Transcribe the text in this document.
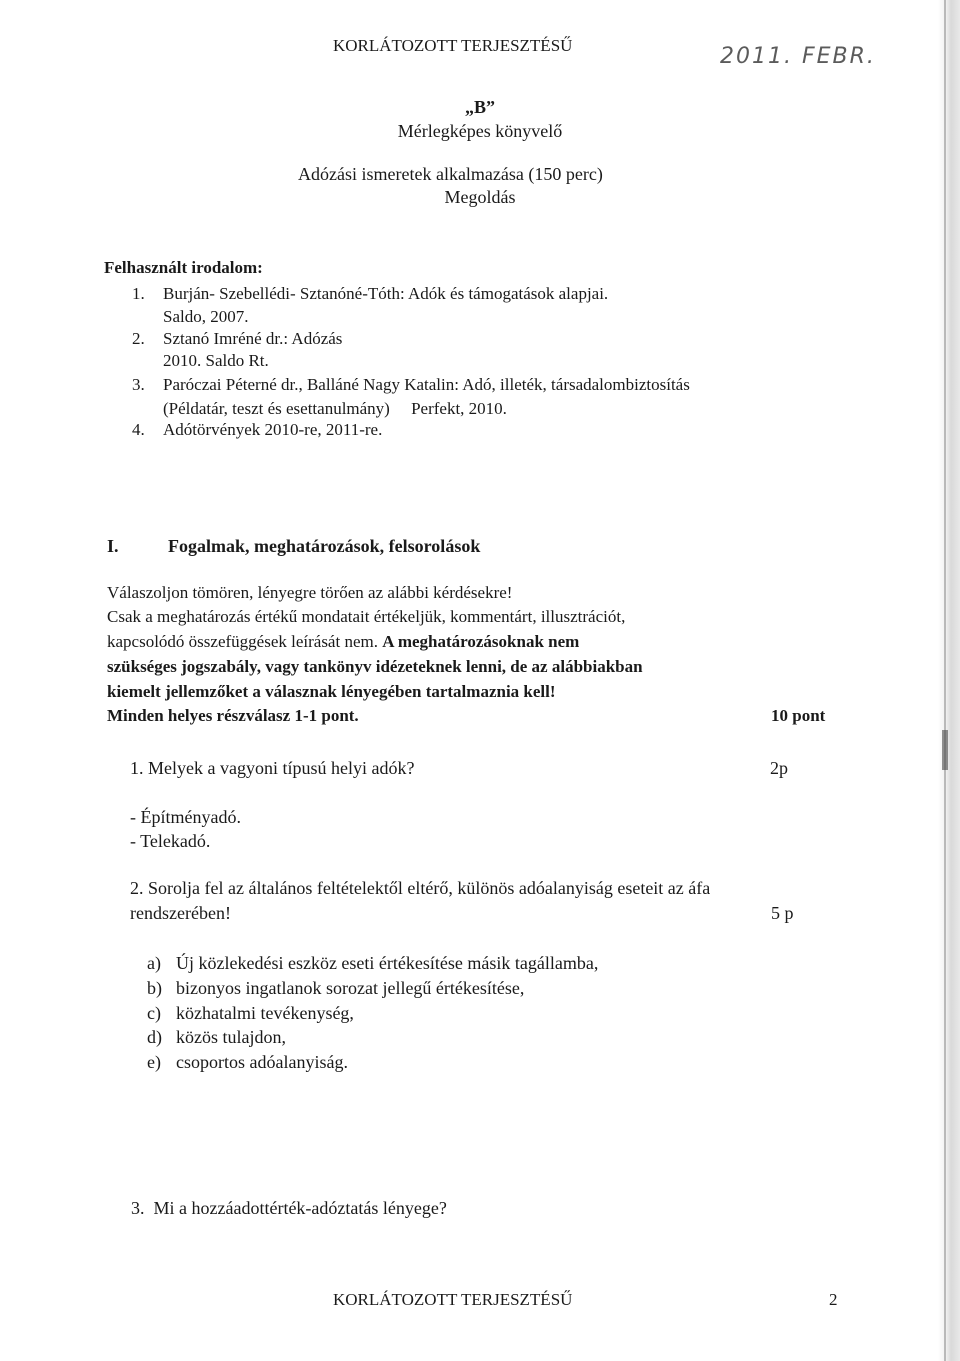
KORLÁTOZOTT TERJESZTÉSŰ	2011. FEBR.
„B”
Mérlegképes könyvelő
Adózási ismeretek alkalmazása (150 perc)
Megoldás
Felhasznált irodalom:
1. Burján- Szebellédi- Sztanóné-Tóth: Adók és támogatások alapjai.
Saldo, 2007.
2. Sztanó Imréné dr.: Adózás
2010. Saldo Rt.
3. Paróczai Péterné dr., Balláné Nagy Katalin: Adó, illeték, társadalombiztosítás
(Példatár, teszt és esettanulmány)     Perfekt, 2010.
4. Adótörvények 2010-re, 2011-re.
I.	Fogalmak, meghatározások, felsorolások
Válaszoljon tömören, lényegre törően az alábbi kérdésekre!
Csak a meghatározás értékű mondatait értékeljük, kommentárt, illusztrációt,
kapcsolódó összefüggések leírását nem. A meghatározásoknak nem
szükséges jogszabály, vagy tankönyv idézeteknek lenni, de az alábbiakban
kiemelt jellemzőket a válasznak lényegében tartalmaznia kell!
Minden helyes részválasz 1-1 pont.	10 pont
1. Melyek a vagyoni típusú helyi adók?	2p
- Építményadó.
- Telekadó.
2. Sorolja fel az általános feltételektől eltérő, különös adóalanyiság eseteit az áfa
rendszerében!	5 p
a) Új közlekedési eszköz eseti értékesítése másik tagállamba,
b) bizonyos ingatlanok sorozat jellegű értékesítése,
c) közhatalmi tevékenység,
d) közös tulajdon,
e) csoportos adóalanyiság.
3. Mi a hozzáadottérték-adóztatás lényege?
KORLÁTOZOTT TERJESZTÉSŰ	2
